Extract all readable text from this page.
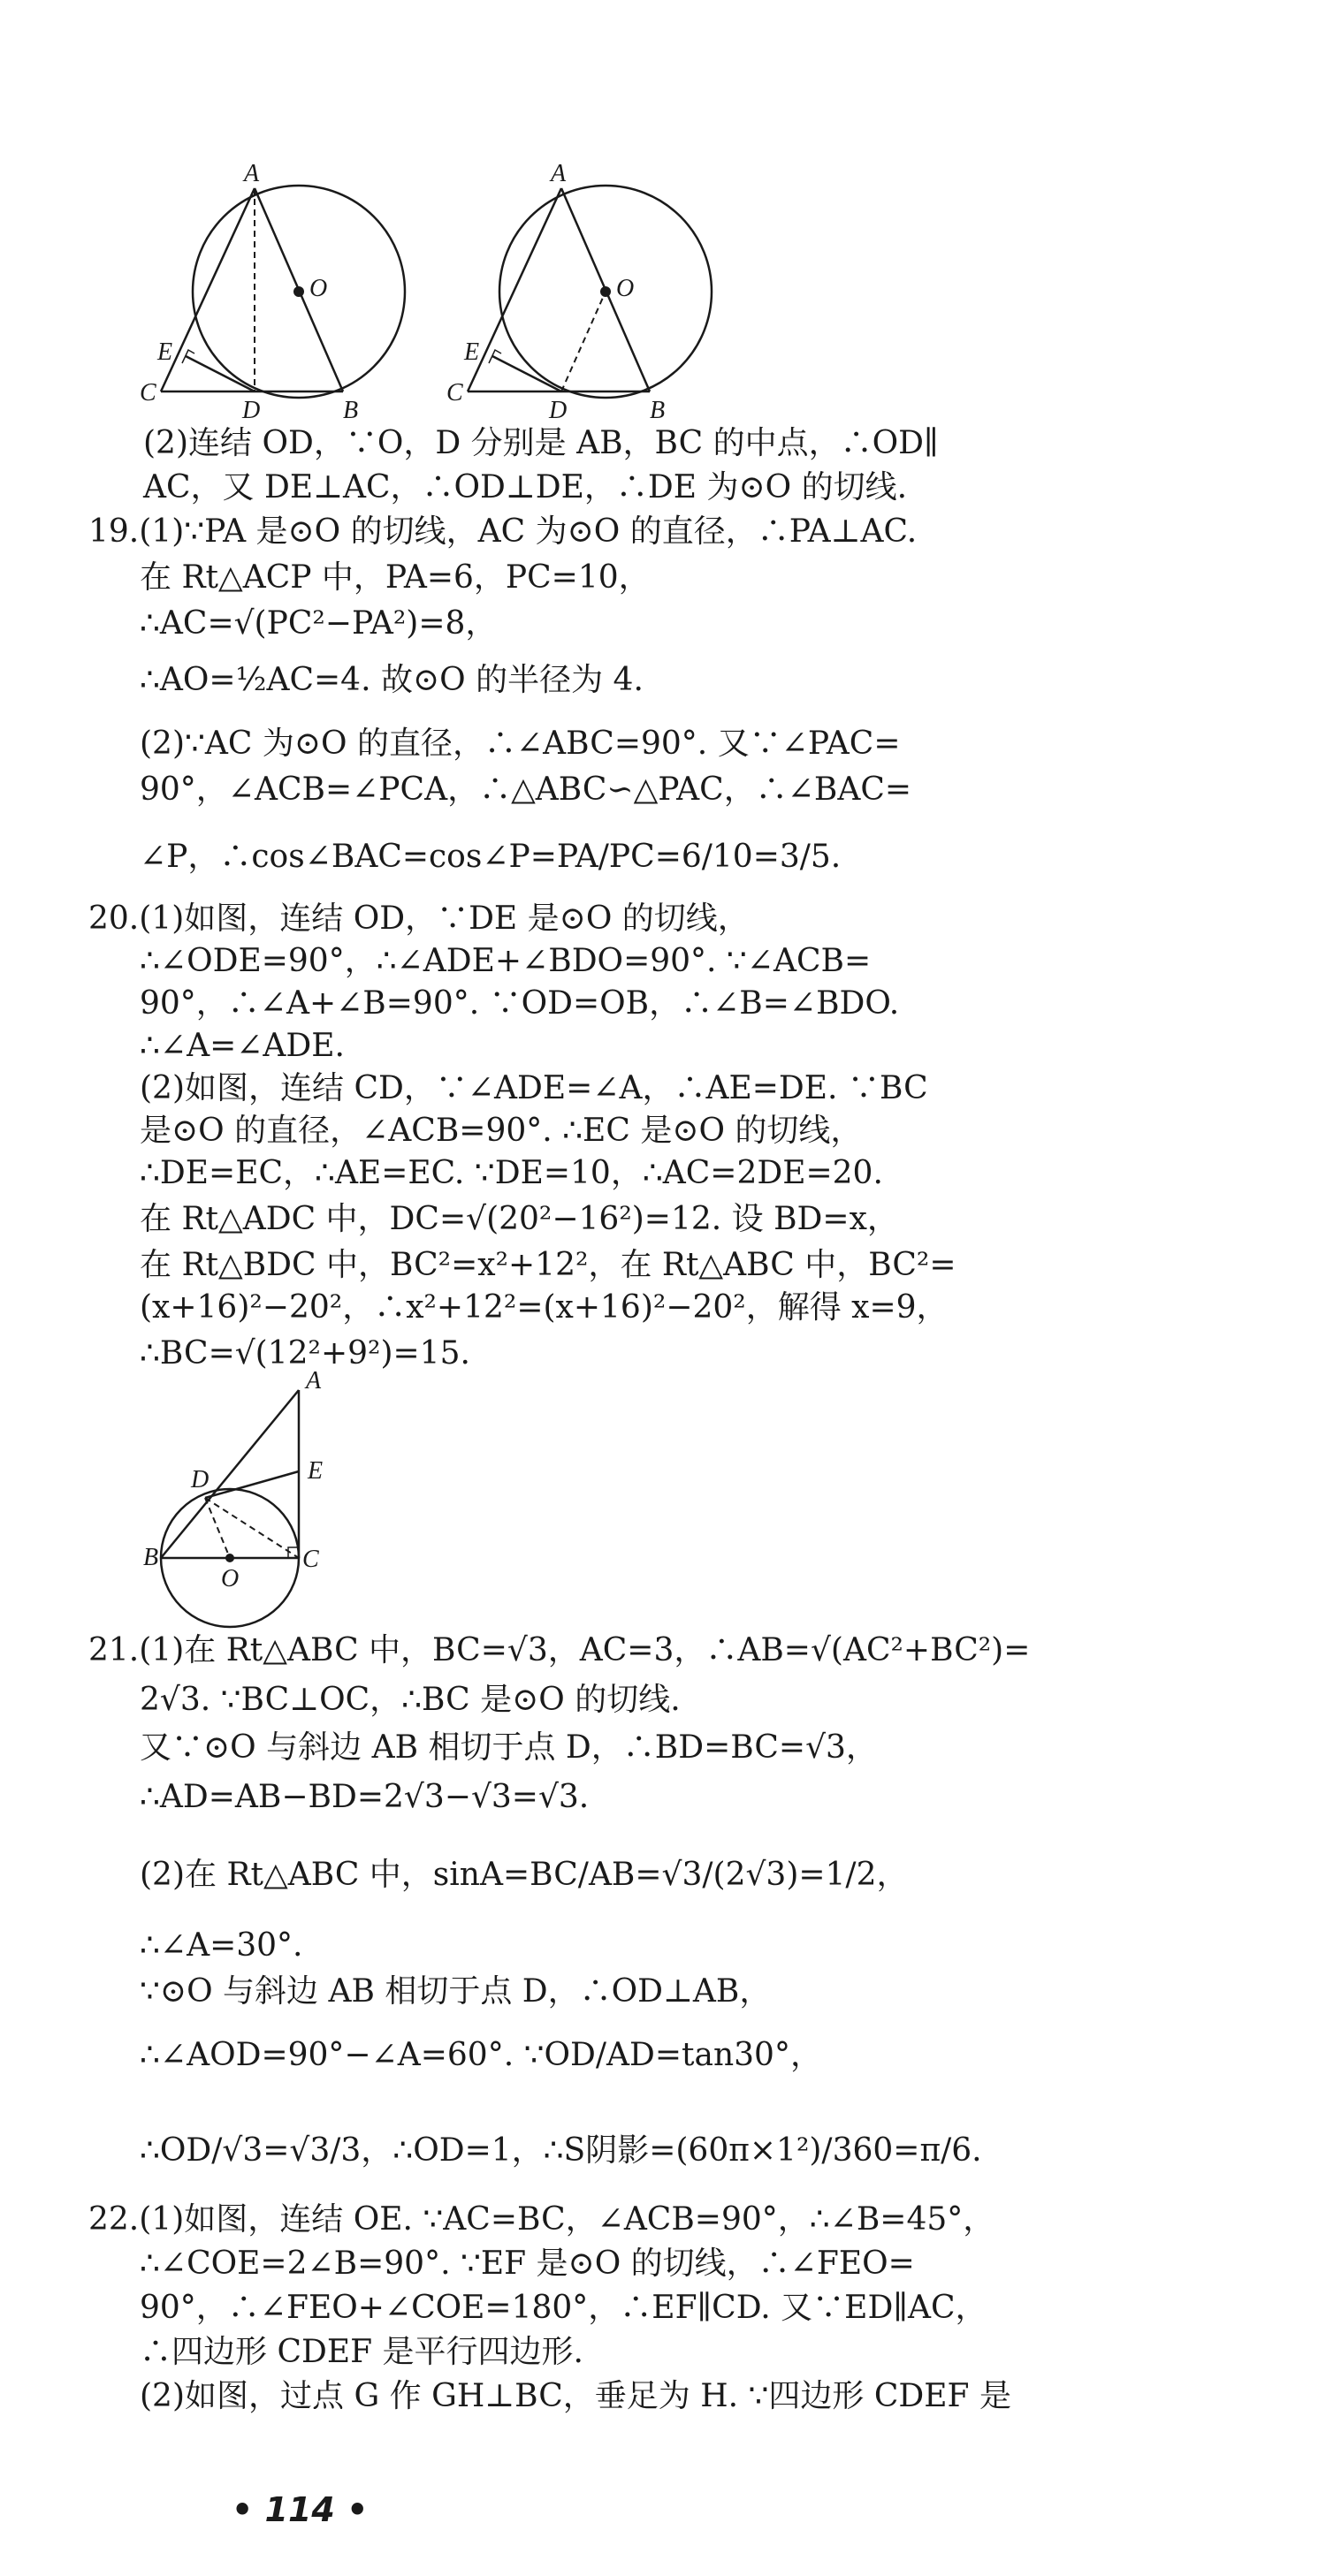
A
O
E
C
D	B
A
O
E
C
D	B
A
E
D
B
O
C
(2)连结 OD，∵O，D 分别是 AB，BC 的中点，∴OD∥
AC，又 DE⊥AC，∴OD⊥DE，∴DE 为⊙O 的切线.
19.(1)∵PA 是⊙O 的切线，AC 为⊙O 的直径，∴PA⊥AC.
在 Rt△ACP 中，PA=6，PC=10，
∴AC=√(PC²−PA²)=8，
∴AO=½AC=4. 故⊙O 的半径为 4.
(2)∵AC 为⊙O 的直径，∴∠ABC=90°. 又∵∠PAC=
90°，∠ACB=∠PCA，∴△ABC∽△PAC，∴∠BAC=
∠P，∴cos∠BAC=cos∠P=PA/PC=6/10=3/5.
20.(1)如图，连结 OD，∵DE 是⊙O 的切线，
∴∠ODE=90°，∴∠ADE+∠BDO=90°. ∵∠ACB=
90°，∴∠A+∠B=90°. ∵OD=OB，∴∠B=∠BDO.
∴∠A=∠ADE.
(2)如图，连结 CD，∵∠ADE=∠A，∴AE=DE. ∵BC
是⊙O 的直径，∠ACB=90°. ∴EC 是⊙O 的切线，
∴DE=EC，∴AE=EC. ∵DE=10，∴AC=2DE=20.
在 Rt△ADC 中，DC=√(20²−16²)=12. 设 BD=x，
在 Rt△BDC 中，BC²=x²+12²，在 Rt△ABC 中，BC²=
(x+16)²−20²，∴x²+12²=(x+16)²−20²，解得 x=9，
∴BC=√(12²+9²)=15.
21.(1)在 Rt△ABC 中，BC=√3，AC=3，∴AB=√(AC²+BC²)=
2√3. ∵BC⊥OC，∴BC 是⊙O 的切线.
又∵⊙O 与斜边 AB 相切于点 D，∴BD=BC=√3，
∴AD=AB−BD=2√3−√3=√3.
(2)在 Rt△ABC 中，sinA=BC/AB=√3/(2√3)=1/2，
∴∠A=30°.
∵⊙O 与斜边 AB 相切于点 D，∴OD⊥AB，
∴∠AOD=90°−∠A=60°. ∵OD/AD=tan30°，
∴OD/√3=√3/3，∴OD=1，∴S阴影=(60π×1²)/360=π/6.
22.(1)如图，连结 OE. ∵AC=BC，∠ACB=90°，∴∠B=45°，
∴∠COE=2∠B=90°. ∵EF 是⊙O 的切线，∴∠FEO=
90°，∴∠FEO+∠COE=180°，∴EF∥CD. 又∵ED∥AC，
∴四边形 CDEF 是平行四边形.
(2)如图，过点 G 作 GH⊥BC，垂足为 H. ∵四边形 CDEF 是
• 114 •
